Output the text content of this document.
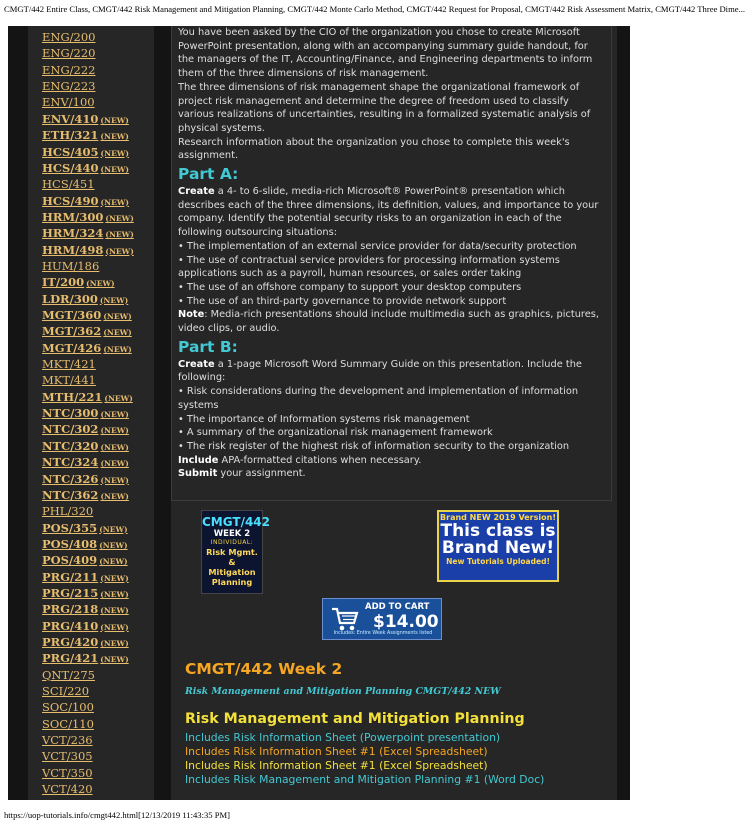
CMGT/442 Entire Class, CMGT/442 Risk Management and Mitigation Planning, CMGT/442 Monte Carlo Method, CMGT/442 Request for Proposal, CMGT/442 Risk Assessment Matrix, CMGT/442 Three Dime...
ENG/200
ENG/220
ENG/222
ENG/223
ENV/100
ENV/410 (NEW)
ETH/321 (NEW)
HCS/405 (NEW)
HCS/440 (NEW)
HCS/451
HCS/490 (NEW)
HRM/300 (NEW)
HRM/324 (NEW)
HRM/498 (NEW)
HUM/186
IT/200 (NEW)
LDR/300 (NEW)
MGT/360 (NEW)
MGT/362 (NEW)
MGT/426 (NEW)
MKT/421
MKT/441
MTH/221 (NEW)
NTC/300 (NEW)
NTC/302 (NEW)
NTC/320 (NEW)
NTC/324 (NEW)
NTC/326 (NEW)
NTC/362 (NEW)
PHL/320
POS/355 (NEW)
POS/408 (NEW)
POS/409 (NEW)
PRG/211 (NEW)
PRG/215 (NEW)
PRG/218 (NEW)
PRG/410 (NEW)
PRG/420 (NEW)
PRG/421 (NEW)
QNT/275
SCI/220
SOC/100
SOC/110
VCT/236
VCT/305
VCT/350
VCT/420

You have been asked by the CIO of the organization you chose to create Microsoft PowerPoint presentation, along with an accompanying summary guide handout, for the managers of the IT, Accounting/Finance, and Engineering departments to inform them of the three dimensions of risk management.

The three dimensions of risk management shape the organizational framework of project risk management and determine the degree of freedom used to classify various realizations of uncertainties, resulting in a formalized systematic analysis of physical systems.

Research information about the organization you chose to complete this week's assignment.

Part A:

Create a 4- to 6-slide, media-rich Microsoft® PowerPoint® presentation which describes each of the three dimensions, its definition, values, and importance to your company. Identify the potential security risks to an organization in each of the following outsourcing situations:

• The implementation of an external service provider for data/security protection

• The use of contractual service providers for processing information systems applications such as a payroll, human resources, or sales order taking

• The use of an offshore company to support your desktop computers

• The use of an third-party governance to provide network support

Note: Media-rich presentations should include multimedia such as graphics, pictures, video clips, or audio.

Part B:

Create a 1-page Microsoft Word Summary Guide on this presentation. Include the following:

• Risk considerations during the development and implementation of information systems

• The importance of Information systems risk management

• A summary of the organizational risk management framework

• The risk register of the highest risk of information security to the organization

Include APA-formatted citations when necessary.

Submit your assignment.

CMGT/442
WEEK 2
INDIVIDUAL:
Risk Mgmt. &
Mitigation
Planning
Brand NEW 2019 Version!
This class is
Brand New!
New Tutorials Uploaded!
ADD TO CART
$14.00
Includes: Entire Week Assignments listed
CMGT/442 Week 2

Risk Management and Mitigation Planning CMGT/442 NEW

Risk Management and Mitigation Planning

Includes Risk Information Sheet (Powerpoint presentation)

Includes Risk Information Sheet #1 (Excel Spreadsheet)

Includes Risk Information Sheet #1 (Excel Spreadsheet)

Includes Risk Management and Mitigation Planning #1 (Word Doc)

https://uop-tutorials.info/cmgt442.html[12/13/2019 11:43:35 PM]
